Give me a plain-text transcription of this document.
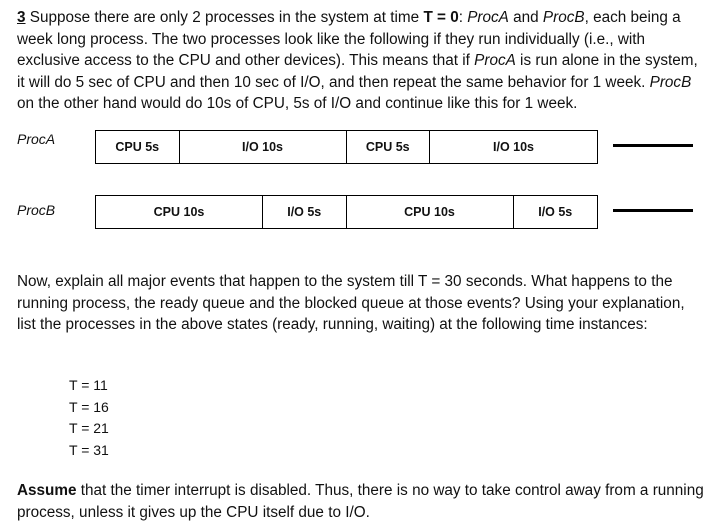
3 Suppose there are only 2 processes in the system at time T = 0: ProcA and ProcB, each being a week long process. The two processes look like the following if they run individually (i.e., with exclusive access to the CPU and other devices). This means that if ProcA is run alone in the system, it will do 5 sec of CPU and then 10 sec of I/O, and then repeat the same behavior for 1 week. ProcB on the other hand would do 10s of CPU, 5s of I/O and continue like this for 1 week.
ProcA	CPU 5s	I/O 10s	CPU 5s	I/O 10s
ProcB	CPU 10s	I/O 5s	CPU 10s	I/O 5s
Now, explain all major events that happen to the system till T = 30 seconds. What happens to the running process, the ready queue and the blocked queue at those events? Using your explanation, list the processes in the above states (ready, running, waiting) at the following time instances:
T = 11
T = 16
T = 21
T = 31
Assume that the timer interrupt is disabled. Thus, there is no way to take control away from a running process, unless it gives up the CPU itself due to I/O.
